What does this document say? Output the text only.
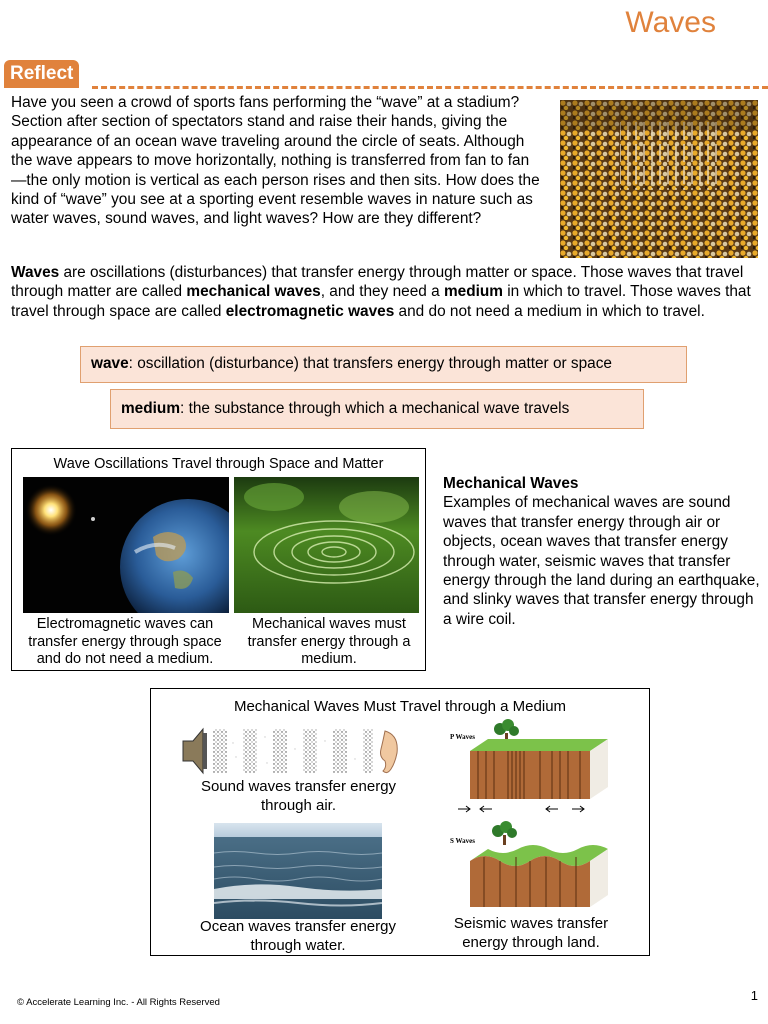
Waves
Reflect

Have you seen a crowd of sports fans performing the “wave” at a stadium? Section after section of spectators stand and raise their hands, giving the appearance of an ocean wave traveling around the circle of seats. Although the wave appears to move horizontally, nothing is transferred from fan to fan—the only motion is vertical as each person rises and then sits. How does the kind of “wave” you see at a sporting event resemble waves in nature such as water waves, sound waves, and light waves? How are they different?

Waves are oscillations (disturbances) that transfer energy through matter or space. Those waves that travel through matter are called mechanical waves, and they need a medium in which to travel. Those waves that travel through space are called electromagnetic waves and do not need a medium in which to travel.

wave: oscillation (disturbance) that transfers energy through matter or space
medium: the substance through which a mechanical wave travels
Wave Oscillations Travel through Space and Matter
Electromagnetic waves can transfer energy through space and do not need a medium.
Mechanical waves must transfer energy through a medium.
Mechanical Waves

Examples of mechanical waves are sound waves that transfer energy through air or objects, ocean waves that transfer energy through water, seismic waves that transfer energy through the land during an earthquake, and slinky waves that transfer energy through a wire coil.

Mechanical Waves Must Travel through a Medium
Sound waves transfer energy through air.
Ocean waves transfer energy through water.
P Waves
S Waves
Seismic waves transfer energy through land.
© Accelerate Learning Inc. - All Rights Reserved	1
